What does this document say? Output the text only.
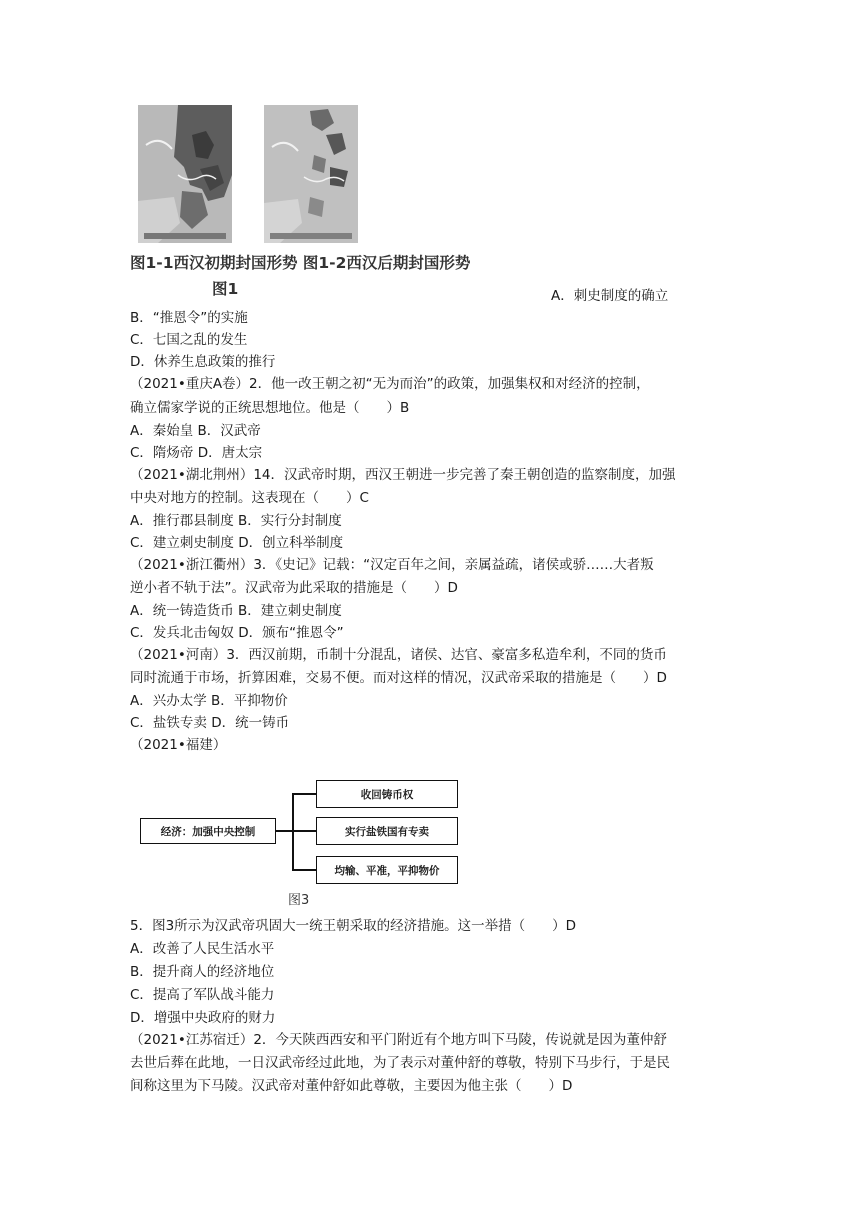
图1-1西汉初期封国形势 图1-2西汉后期封国形势
图1	A．刺史制度的确立
B．“推恩令”的实施
C．七国之乱的发生
D．休养生息政策的推行
（2021•重庆A卷）2．他一改王朝之初“无为而治”的政策，加强集权和对经济的控制，
确立儒家学说的正统思想地位。他是（　　）B
A．秦始皇 B．汉武帝
C．隋炀帝 D．唐太宗
（2021•湖北荆州）14．汉武帝时期，西汉王朝进一步完善了秦王朝创造的监察制度，加强
中央对地方的控制。这表现在（　　）C
A．推行郡县制度 B．实行分封制度
C．建立刺史制度 D．创立科举制度
（2021•浙江衢州）3．《史记》记载：“汉定百年之间，亲属益疏，诸侯或骄……大者叛
逆小者不轨于法”。汉武帝为此采取的措施是（　　）D
A．统一铸造货币 B．建立刺史制度
C．发兵北击匈奴 D．颁布“推恩令”
（2021•河南）3．西汉前期，币制十分混乱，诸侯、达官、豪富多私造牟利，不同的货币
同时流通于市场，折算困难，交易不便。而对这样的情况，汉武帝采取的措施是（　　）D
A．兴办太学 B．平抑物价
C．盐铁专卖 D．统一铸币
（2021•福建）
经济：加强中央控制
收回铸币权
实行盐铁国有专卖
均输、平准，平抑物价
图3
5．图3所示为汉武帝巩固大一统王朝采取的经济措施。这一举措（　　）D
A．改善了人民生活水平
B．提升商人的经济地位
C．提高了军队战斗能力
D．增强中央政府的财力
（2021•江苏宿迁）2．今天陕西西安和平门附近有个地方叫下马陵，传说就是因为董仲舒
去世后葬在此地，一日汉武帝经过此地，为了表示对董仲舒的尊敬，特别下马步行，于是民
间称这里为下马陵。汉武帝对董仲舒如此尊敬，主要因为他主张（　　）D
